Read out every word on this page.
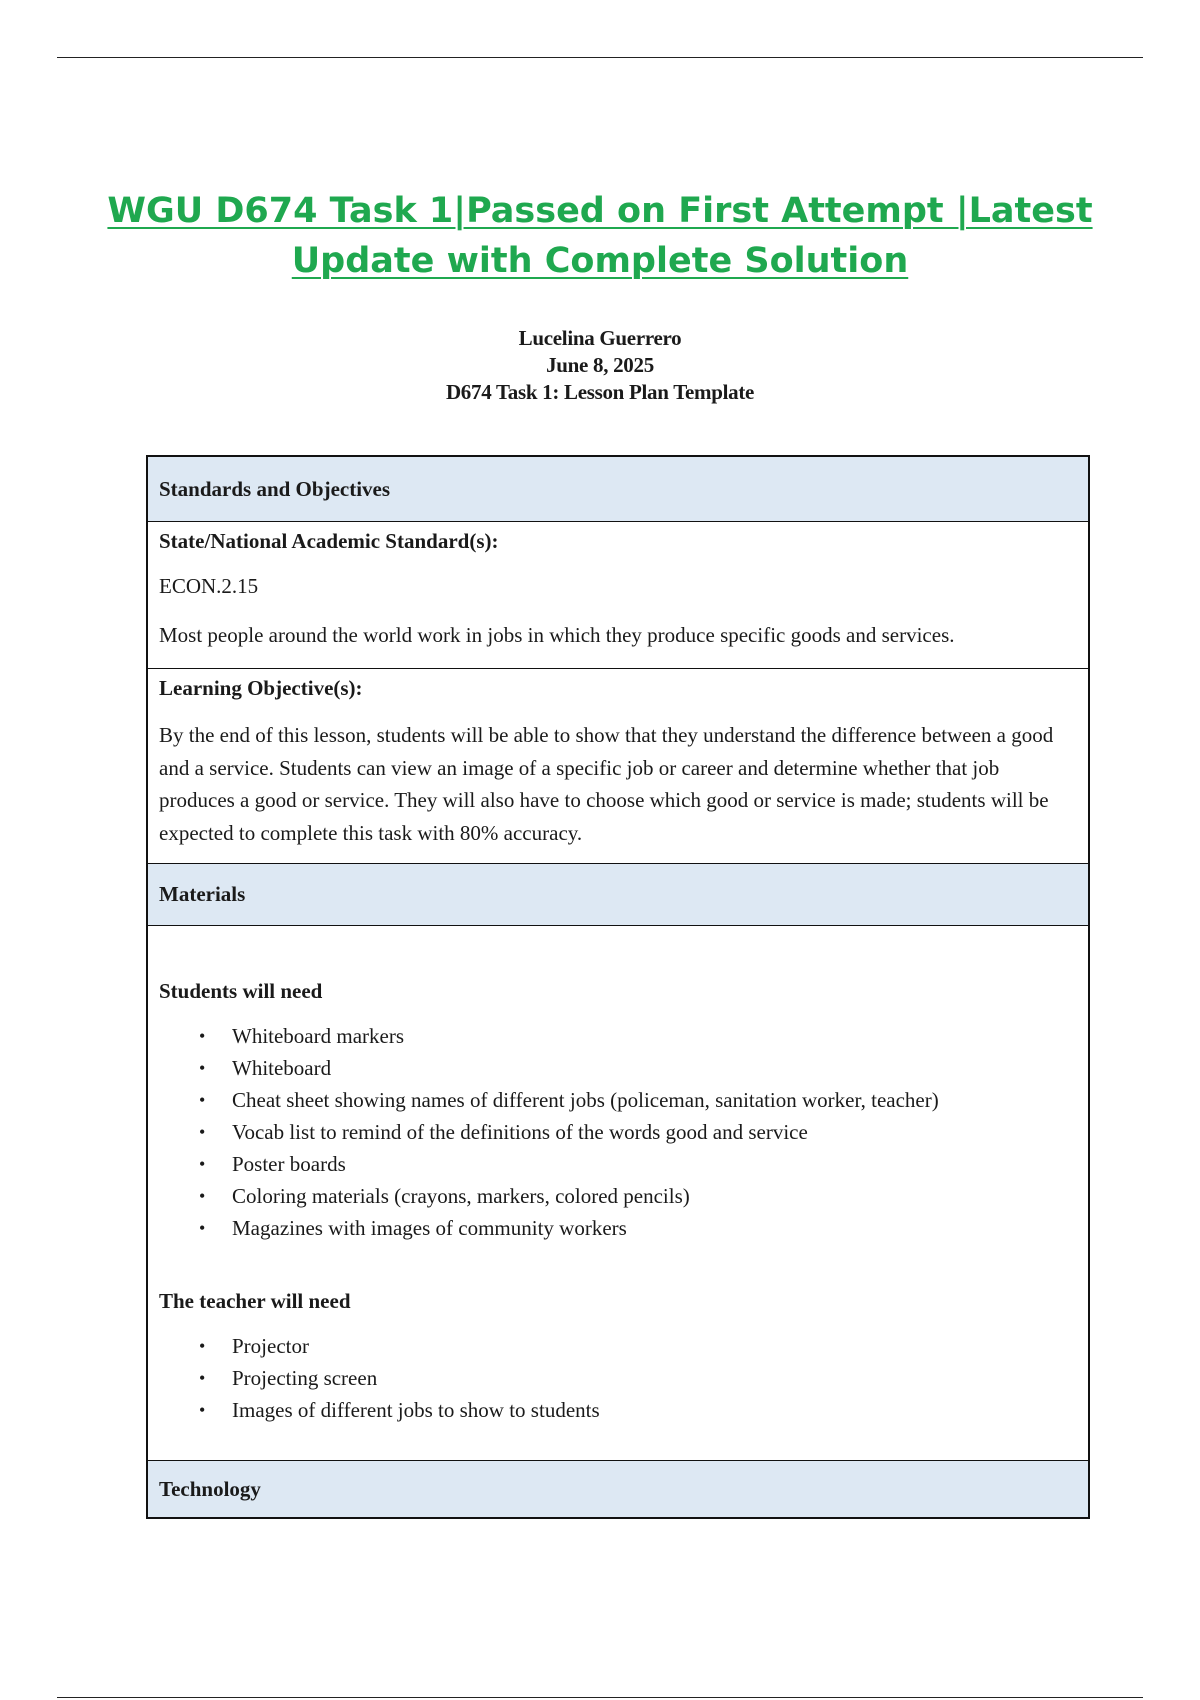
WGU D674 Task 1|Passed on First Attempt |Latest
Update with Complete Solution
Lucelina Guerrero
June 8, 2025
D674 Task 1: Lesson Plan Template
Standards and Objectives
State/National Academic Standard(s):
ECON.2.15
Most people around the world work in jobs in which they produce specific goods and services.
Learning Objective(s):
By the end of this lesson, students will be able to show that they understand the difference between a good and a service. Students can view an image of a specific job or career and determine whether that job produces a good or service. They will also have to choose which good or service is made; students will be expected to complete this task with 80% accuracy.
Materials
Students will need
• Whiteboard markers
• Whiteboard
• Cheat sheet showing names of different jobs (policeman, sanitation worker, teacher)
• Vocab list to remind of the definitions of the words good and service
• Poster boards
• Coloring materials (crayons, markers, colored pencils)
• Magazines with images of community workers
The teacher will need
• Projector
• Projecting screen
• Images of different jobs to show to students
Technology
